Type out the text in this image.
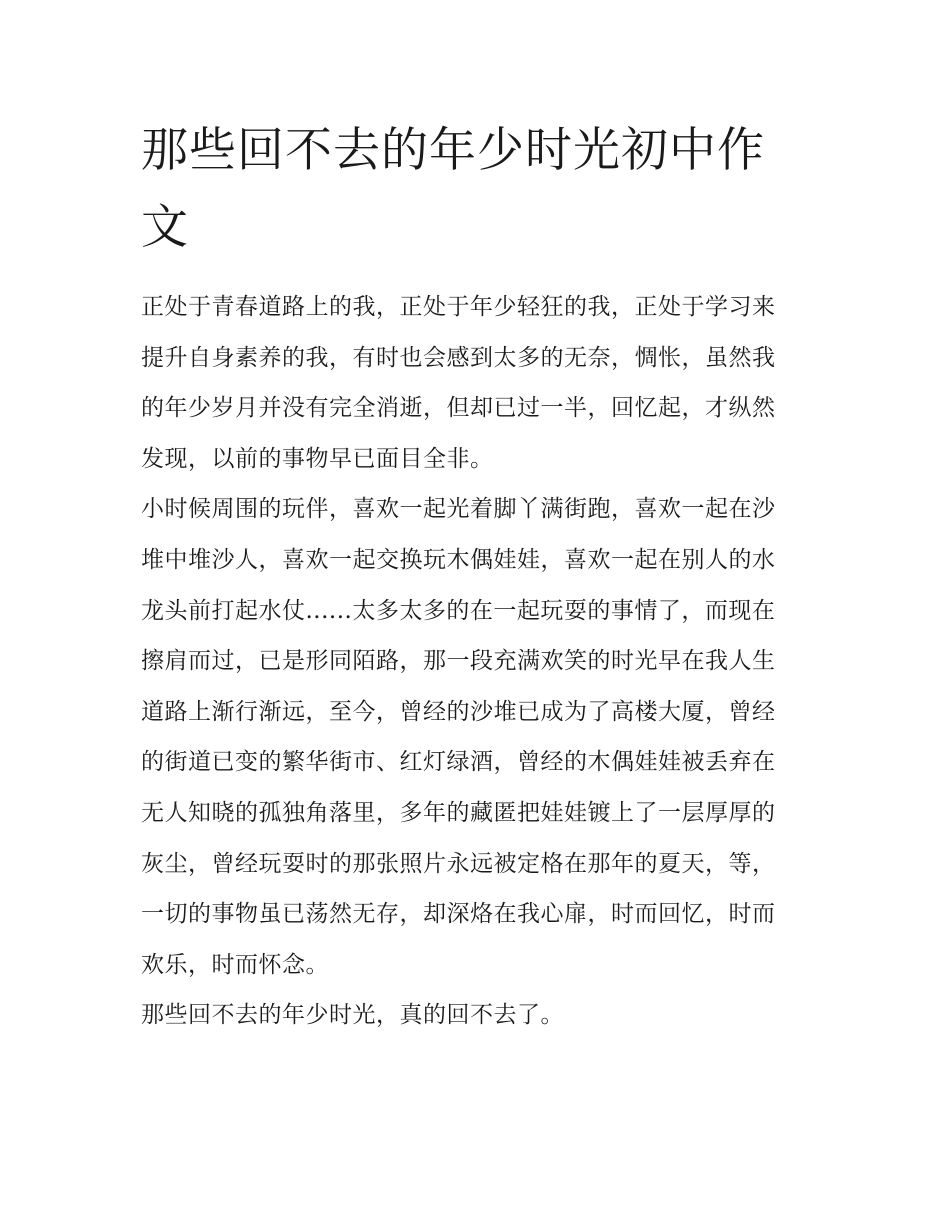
那些回不去的年少时光初中作
文

正处于青春道路上的我，正处于年少轻狂的我，正处于学习来
提升自身素养的我，有时也会感到太多的无奈，惆怅，虽然我
的年少岁月并没有完全消逝，但却已过一半，回忆起，才纵然
发现，以前的事物早已面目全非。

小时候周围的玩伴，喜欢一起光着脚丫满街跑，喜欢一起在沙
堆中堆沙人，喜欢一起交换玩木偶娃娃，喜欢一起在别人的水
龙头前打起水仗......太多太多的在一起玩耍的事情了，而现在
擦肩而过，已是形同陌路，那一段充满欢笑的时光早在我人生
道路上渐行渐远，至今，曾经的沙堆已成为了高楼大厦，曾经
的街道已变的繁华街市、红灯绿酒，曾经的木偶娃娃被丢弃在
无人知晓的孤独角落里，多年的藏匿把娃娃镀上了一层厚厚的
灰尘，曾经玩耍时的那张照片永远被定格在那年的夏天，等，
一切的事物虽已荡然无存，却深烙在我心扉，时而回忆，时而
欢乐，时而怀念。

那些回不去的年少时光，真的回不去了。
